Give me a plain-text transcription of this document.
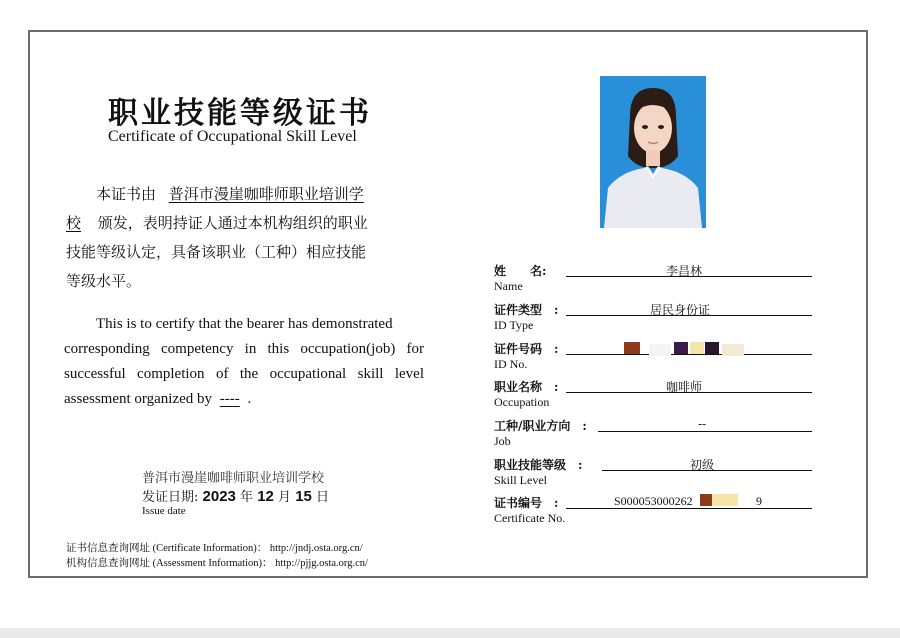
职业技能等级证书
Certificate of Occupational Skill Level
本证书由 普洱市漫崖咖啡师职业培训学
校 颁发，表明持证人通过本机构组织的职业
技能等级认定，具备该职业（工种）相应技能
等级水平。
This is to certify that the bearer has demonstrated
corresponding competency in this occupation(job) for
successful completion of the occupational skill level
assessment organized by ---- .
普洱市漫崖咖啡师职业培训学校
发证日期: 2023 年 12 月 15 日
Issue date
证书信息查询网址 (Certificate Information)： http://jndj.osta.org.cn/
机构信息查询网址 (Assessment Information)： http://pjjg.osta.org.cn/
姓　　名:	李昌林
Name
证件类型　:	居民身份证
ID Type
证件号码　:
ID No.
职业名称　:	咖啡师
Occupation
工种/职业方向　:	--
Job
职业技能等级　:	初级
Skill Level
证书编号　:	S000053000262	9
Certificate No.
